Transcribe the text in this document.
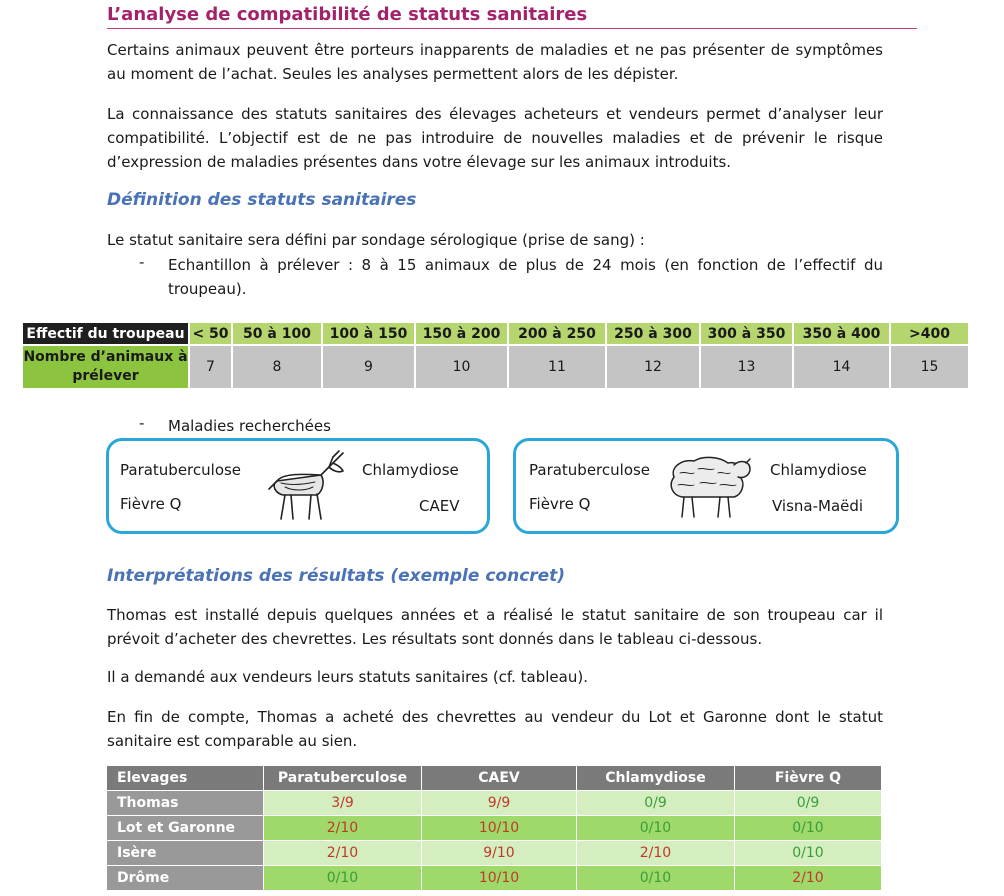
L’analyse de compatibilité de statuts sanitaires
Certains animaux peuvent être porteurs inapparents de maladies et ne pas présenter de symptômes au moment de l’achat. Seules les analyses permettent alors de les dépister.
La connaissance des statuts sanitaires des élevages acheteurs et vendeurs permet d’analyser leur compatibilité. L’objectif est de ne pas introduire de nouvelles maladies et de prévenir le risque d’expression de maladies présentes dans votre élevage sur les animaux introduits.
Définition des statuts sanitaires
Le statut sanitaire sera défini par sondage sérologique (prise de sang) :
- Echantillon à prélever : 8 à 15 animaux de plus de 24 mois (en fonction de l’effectif du troupeau).
Effectif du troupeau	< 50	50 à 100	100 à 150	150 à 200	200 à 250	250 à 300	300 à 350	350 à 400	>400
Nombre d’animaux à prélever	7	8	9	10	11	12	13	14	15
- Maladies recherchées
Paratuberculose	Chlamydiose
Fièvre Q	CAEV
Paratuberculose	Chlamydiose
Fièvre Q	Visna-Maëdi
Interprétations des résultats (exemple concret)
Thomas est installé depuis quelques années et a réalisé le statut sanitaire de son troupeau car il prévoit d’acheter des chevrettes. Les résultats sont donnés dans le tableau ci-dessous.
Il a demandé aux vendeurs leurs statuts sanitaires (cf. tableau).
En fin de compte, Thomas a acheté des chevrettes au vendeur du Lot et Garonne dont le statut sanitaire est comparable au sien.
Elevages	Paratuberculose	CAEV	Chlamydiose	Fièvre Q
Thomas	3/9	9/9	0/9	0/9
Lot et Garonne	2/10	10/10	0/10	0/10
Isère	2/10	9/10	2/10	0/10
Drôme	0/10	10/10	0/10	2/10
